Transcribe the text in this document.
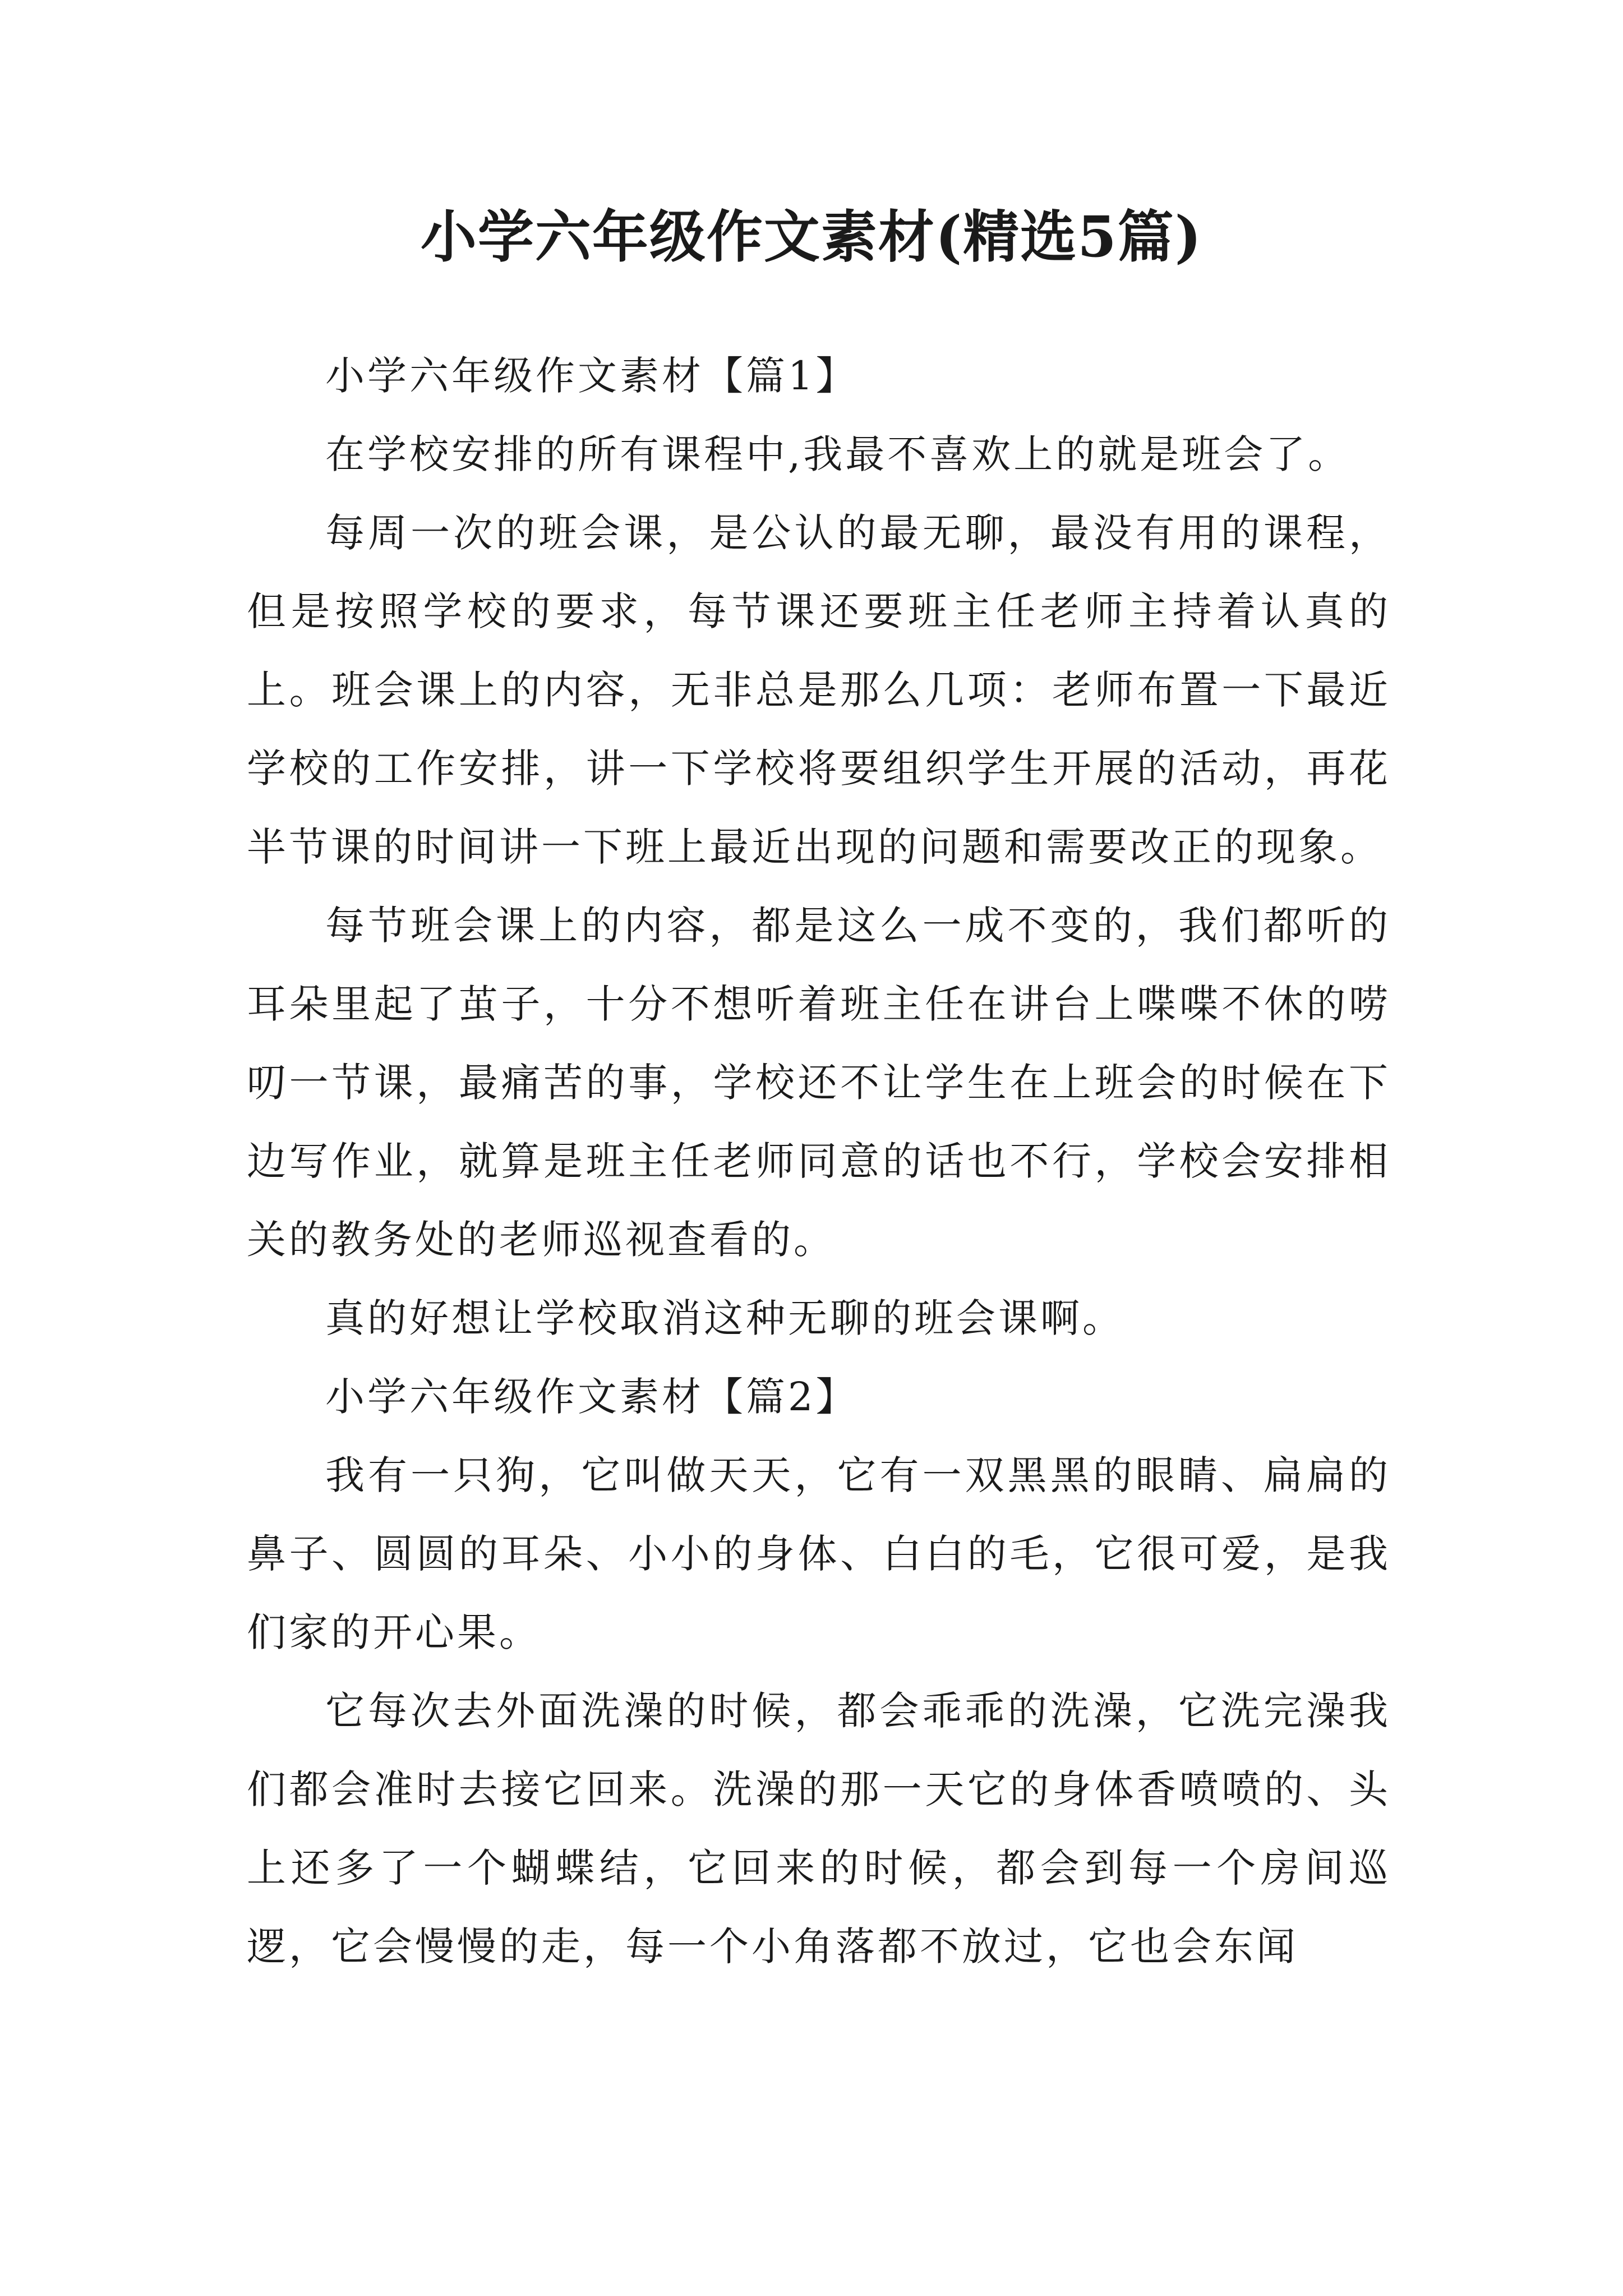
小学六年级作文素材(精选5篇)

小学六年级作文素材【篇1】

在学校安排的所有课程中,我最不喜欢上的就是班会了。

每周一次的班会课，是公认的最无聊，最没有用的课程，但是按照学校的要求，每节课还要班主任老师主持着认真的上。班会课上的内容，无非总是那么几项：老师布置一下最近学校的工作安排，讲一下学校将要组织学生开展的活动，再花半节课的时间讲一下班上最近出现的问题和需要改正的现象。

每节班会课上的内容，都是这么一成不变的，我们都听的耳朵里起了茧子，十分不想听着班主任在讲台上喋喋不休的唠叨一节课，最痛苦的事，学校还不让学生在上班会的时候在下边写作业，就算是班主任老师同意的话也不行，学校会安排相关的教务处的老师巡视查看的。

真的好想让学校取消这种无聊的班会课啊。

小学六年级作文素材【篇2】

我有一只狗，它叫做天天，它有一双黑黑的眼睛、扁扁的鼻子、圆圆的耳朵、小小的身体、白白的毛，它很可爱，是我们家的开心果。

它每次去外面洗澡的时候，都会乖乖的洗澡，它洗完澡我们都会准时去接它回来。洗澡的那一天它的身体香喷喷的、头上还多了一个蝴蝶结，它回来的时候，都会到每一个房间巡逻，它会慢慢的走，每一个小角落都不放过，它也会东闻
